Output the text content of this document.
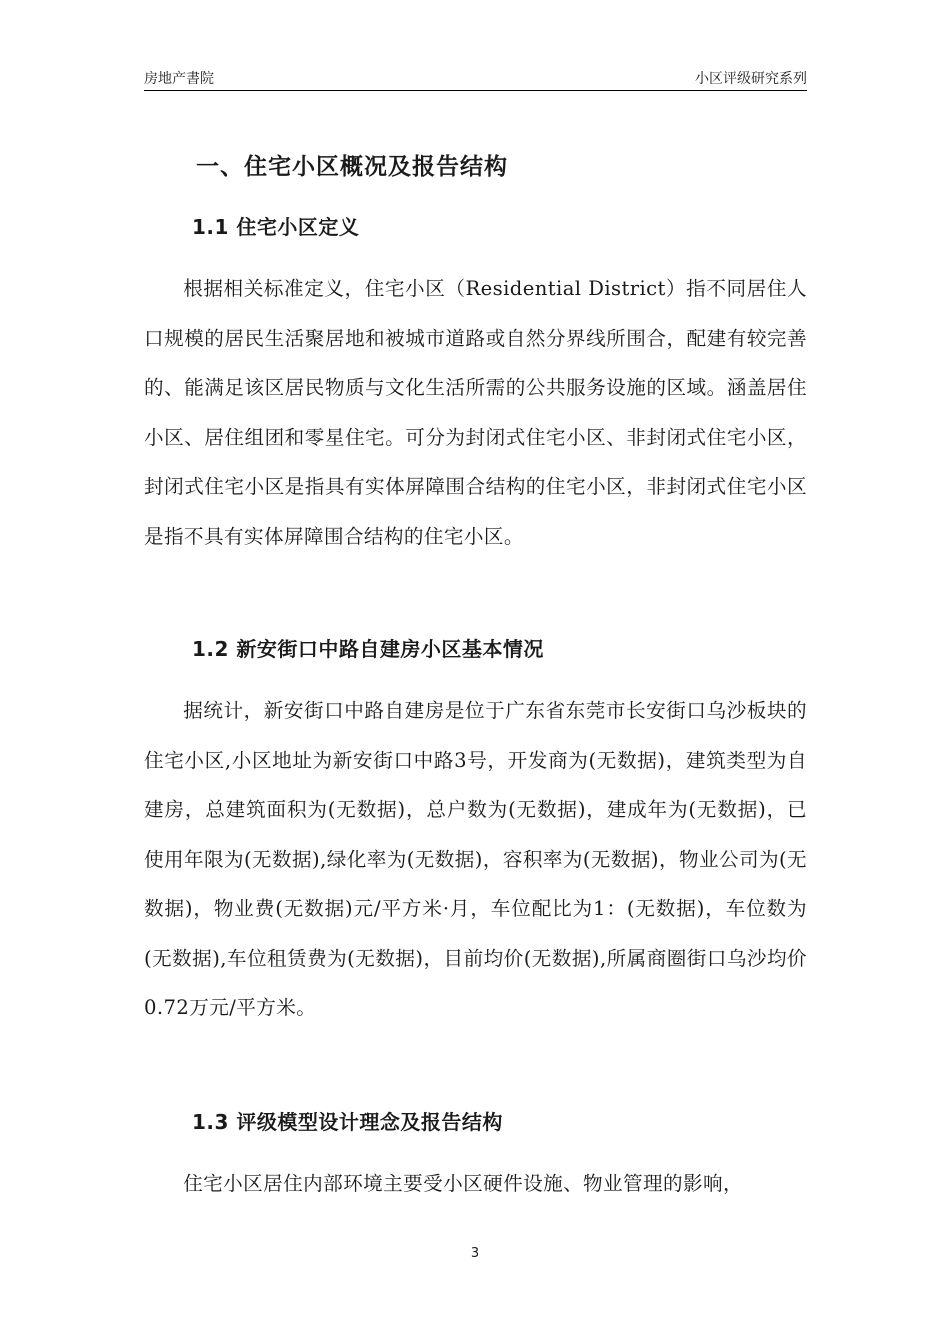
房地产書院	小区评级研究系列
一、住宅小区概况及报告结构
1.1 住宅小区定义

根据相关标准定义，住宅小区（Residential District）指不同居住人口规模的居民生活聚居地和被城市道路或自然分界线所围合，配建有较完善的、能满足该区居民物质与文化生活所需的公共服务设施的区域。涵盖居住小区、居住组团和零星住宅。可分为封闭式住宅小区、非封闭式住宅小区，封闭式住宅小区是指具有实体屏障围合结构的住宅小区，非封闭式住宅小区是指不具有实体屏障围合结构的住宅小区。

1.2 新安街口中路自建房小区基本情况

据统计，新安街口中路自建房是位于广东省东莞市长安街口乌沙板块的住宅小区,小区地址为新安街口中路3号，开发商为(无数据)，建筑类型为自建房，总建筑面积为(无数据)，总户数为(无数据)，建成年为(无数据)，已使用年限为(无数据),绿化率为(无数据)，容积率为(无数据)，物业公司为(无数据)，物业费(无数据)元/平方米·月，车位配比为1：(无数据)，车位数为(无数据),车位租赁费为(无数据)，目前均价(无数据),所属商圈街口乌沙均价0.72万元/平方米。

1.3 评级模型设计理念及报告结构

住宅小区居住内部环境主要受小区硬件设施、物业管理的影响，

3
